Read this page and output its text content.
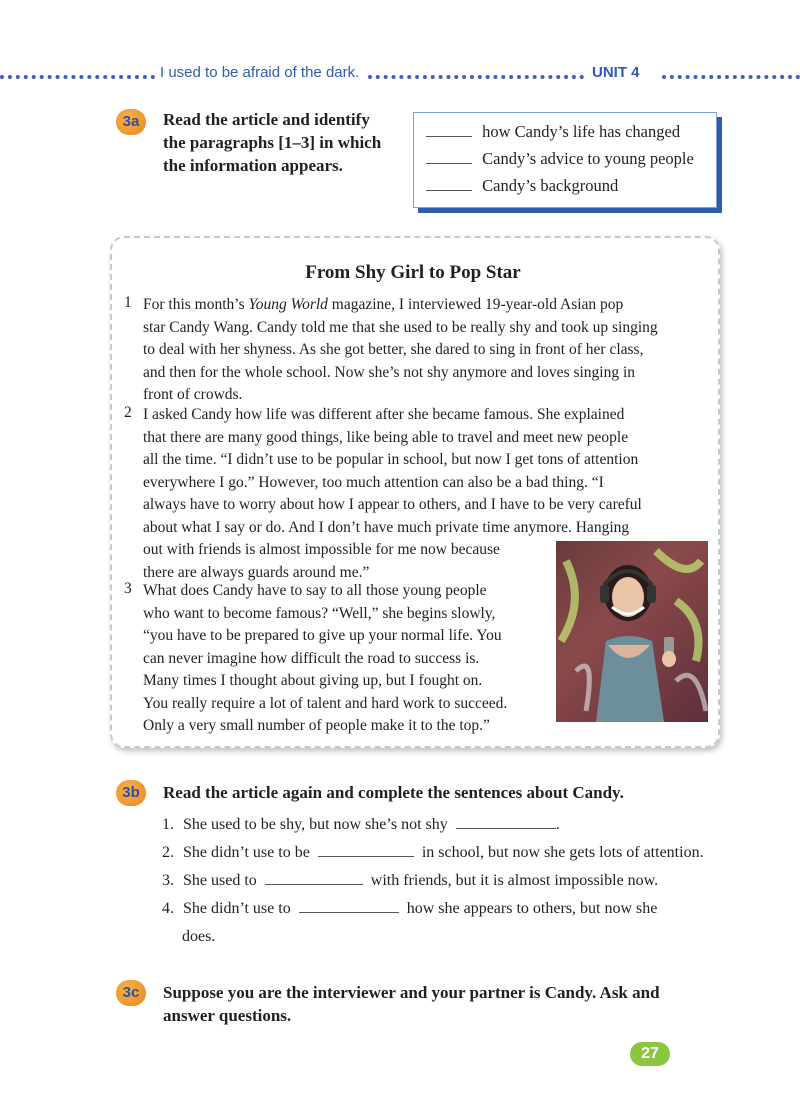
I used to be afraid of the dark.	UNIT 4
3a	Read the article and identify
the paragraphs [1–3] in which
the information appears.
how Candy’s life has changed
Candy’s advice to young people
Candy’s background
From Shy Girl to Pop Star
1 For this month’s Young World magazine, I interviewed 19-year-old Asian pop
star Candy Wang. Candy told me that she used to be really shy and took up singing
to deal with her shyness. As she got better, she dared to sing in front of her class,
and then for the whole school. Now she’s not shy anymore and loves singing in
front of crowds.
2 I asked Candy how life was different after she became famous. She explained
that there are many good things, like being able to travel and meet new people
all the time. “I didn’t use to be popular in school, but now I get tons of attention
everywhere I go.” However, too much attention can also be a bad thing. “I
always have to worry about how I appear to others, and I have to be very careful
about what I say or do. And I don’t have much private time anymore. Hanging
out with friends is almost impossible for me now because
there are always guards around me.”
3 What does Candy have to say to all those young people
who want to become famous? “Well,” she begins slowly,
“you have to be prepared to give up your normal life. You
can never imagine how difficult the road to success is.
Many times I thought about giving up, but I fought on.
You really require a lot of talent and hard work to succeed.
Only a very small number of people make it to the top.”
3b	Read the article again and complete the sentences about Candy.
1. She used to be shy, but now she’s not shy	.
2. She didn’t use to be	in school, but now she gets lots of attention.
3. She used to	with friends, but it is almost impossible now.
4. She didn’t use to	how she appears to others, but now she
does.
3c	Suppose you are the interviewer and your partner is Candy. Ask and
answer questions.
27
